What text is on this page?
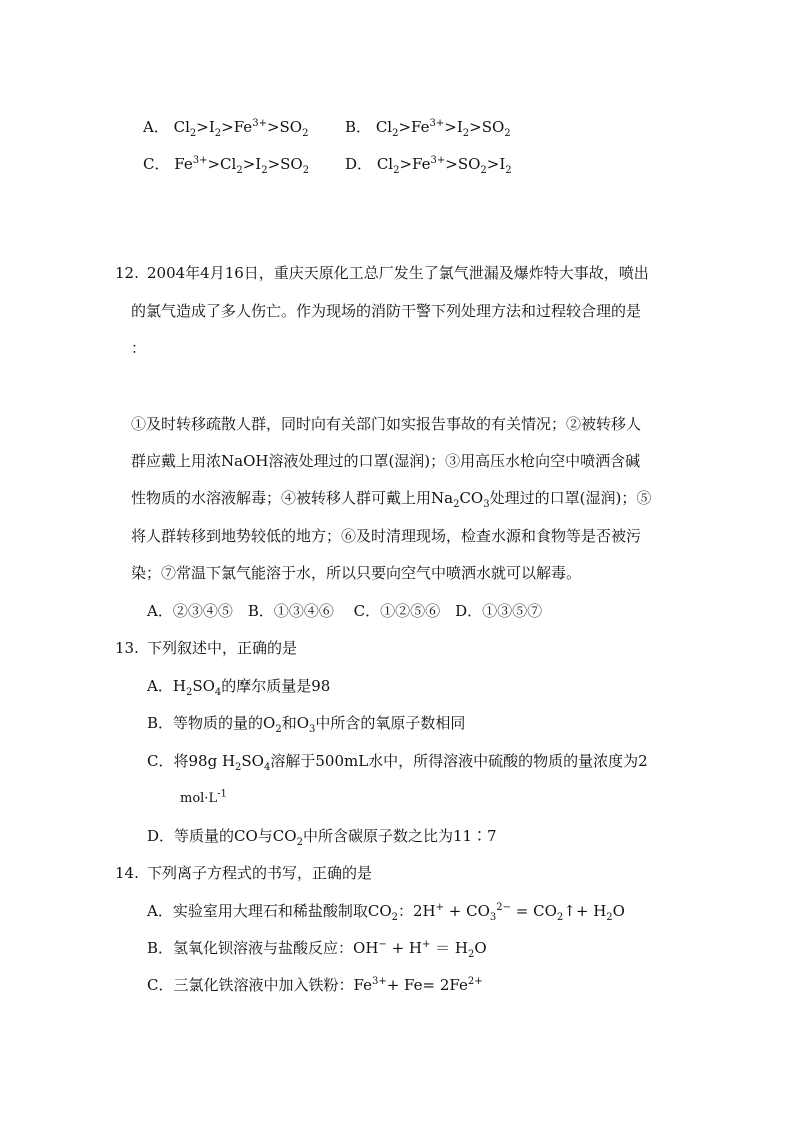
A． $Cl_2>I_2>Fe^{3+}>SO_2$ B． $Cl_2>Fe^{3+}>I_2>SO_2$
C． $Fe^{3+}>Cl_2>I_2>SO_2$ D． $Cl_2>Fe^{3+}>SO_2>I_2$
12. 2004年4月16日，重庆天原化工总厂发生了氯气泄漏及爆炸特大事故，喷出
的氯气造成了多人伤亡。作为现场的消防干警下列处理方法和过程较合理的是
：
①及时转移疏散人群，同时向有关部门如实报告事故的有关情况；②被转移人
群应戴上用浓NaOH溶液处理过的口罩(湿润)；③用高压水枪向空中喷洒含碱
性物质的水溶液解毒；④被转移人群可戴上用$Na_2CO_3$处理过的口罩(湿润)；⑤
将人群转移到地势较低的地方；⑥及时清理现场，检查水源和食物等是否被污
染；⑦常温下氯气能溶于水，所以只要向空气中喷洒水就可以解毒。
A．②③④⑤　B．①③④⑥　 C．①②⑤⑥　D．①③⑤⑦
13. 下列叙述中，正确的是
A．$H_2SO_4$的摩尔质量是98
B．等物质的量的$O_2$和$O_3$中所含的氧原子数相同
C．将98g $H_2SO_4$溶解于500mL水中，所得溶液中硫酸的物质的量浓度为2
$mol\cdot L^{-1}$
D．等质量的CO与$CO_2$中所含碳原子数之比为11∶7
14. 下列离子方程式的书写，正确的是
A．实验室用大理石和稀盐酸制取$CO_2$：$2H^+ + CO_3^{2-}$ = $CO_2↑+ H_2O$
B．氢氧化钡溶液与盐酸反应：$OH^- + H^+ = H_2O$
C．三氯化铁溶液中加入铁粉：$Fe^{3+}+ Fe= 2Fe^{2+}$
